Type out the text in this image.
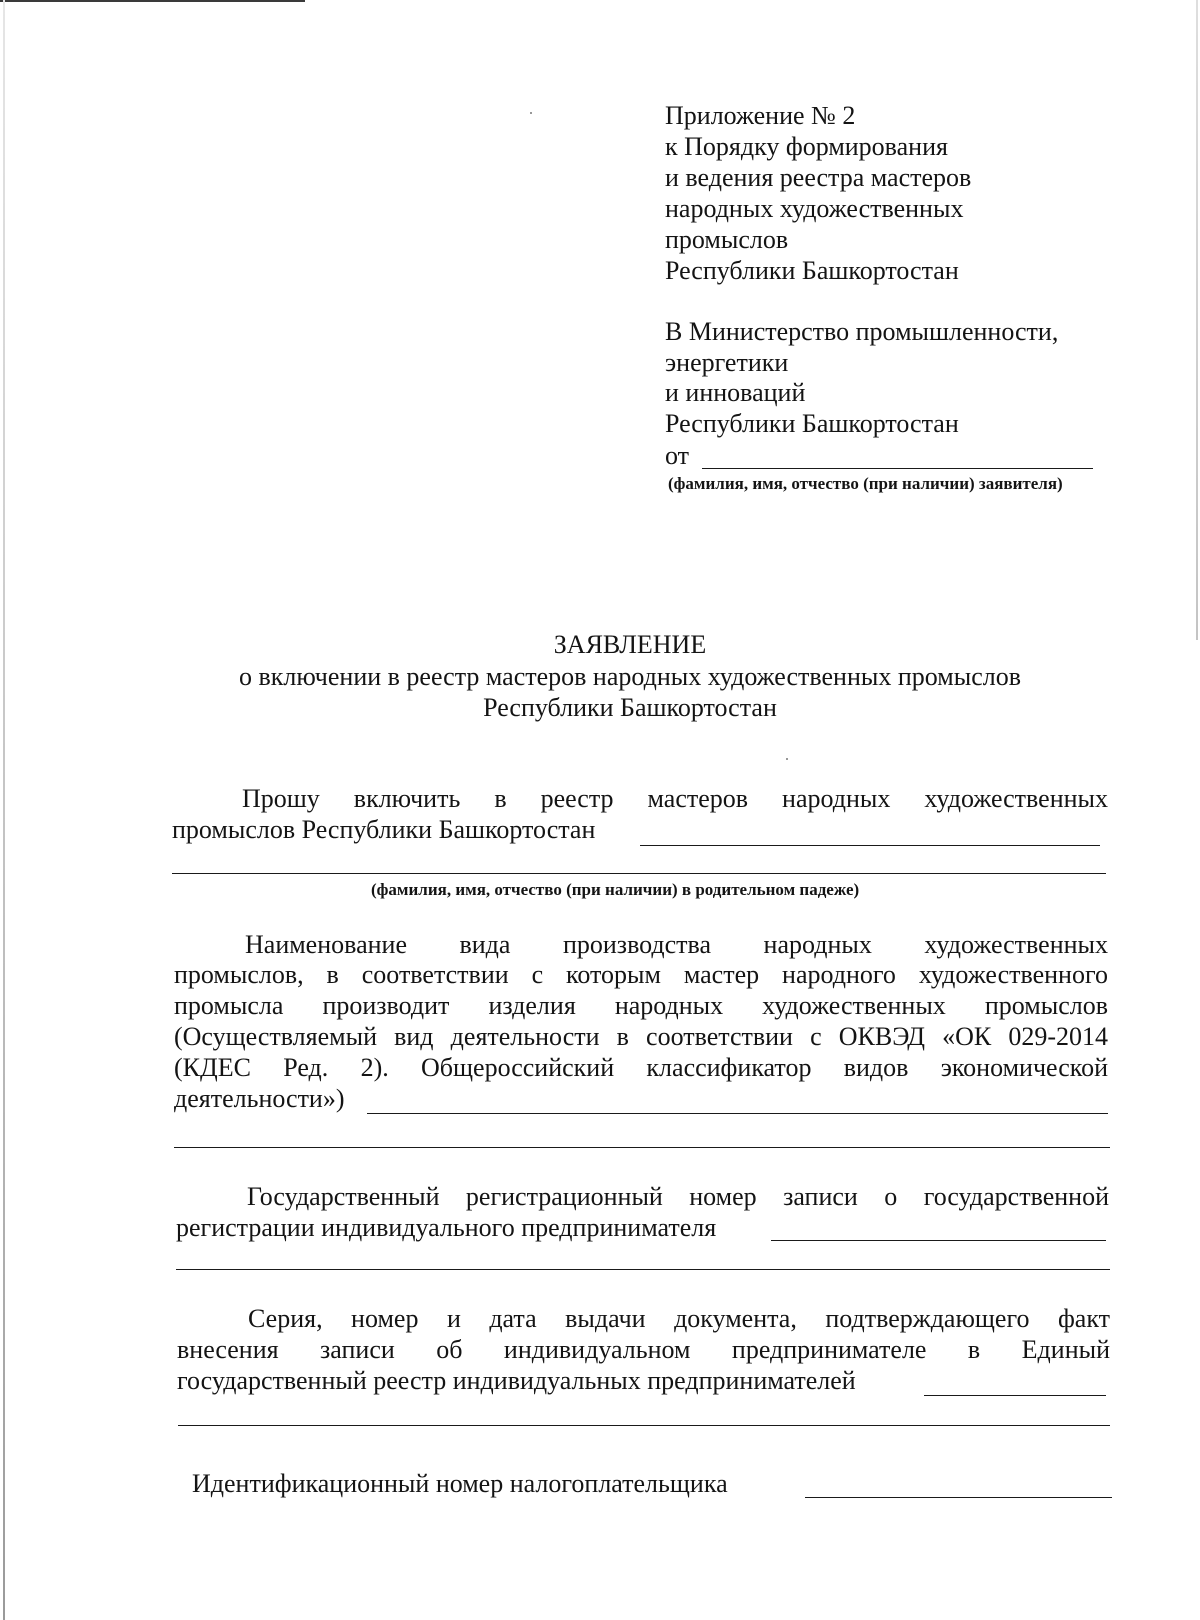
Приложение № 2
к Порядку формирования
и ведения реестра мастеров
народных художественных
промыслов
Республики Башкортостан
В Министерство промышленности,
энергетики
и инноваций
Республики Башкортостан
от
(фамилия, имя, отчество (при наличии) заявителя)
ЗАЯВЛЕНИЕ
о включении в реестр мастеров народных художественных промыслов
Республики Башкортостан
Прошу включить в реестр мастеров народных художественных
промыслов Республики Башкортостан
(фамилия, имя, отчество (при наличии) в родительном падеже)
Наименование вида производства народных художественных
промыслов, в соответствии с которым мастер народного художественного
промысла производит изделия народных художественных промыслов
(Осуществляемый вид деятельности в соответствии с ОКВЭД «ОК 029-2014
(КДЕС Ред. 2). Общероссийский классификатор видов экономической
деятельности»)
Государственный регистрационный номер записи о государственной
регистрации индивидуального предпринимателя
Серия, номер и дата выдачи документа, подтверждающего факт
внесения записи об индивидуальном предпринимателе в Единый
государственный реестр индивидуальных предпринимателей
Идентификационный номер налогоплательщика
